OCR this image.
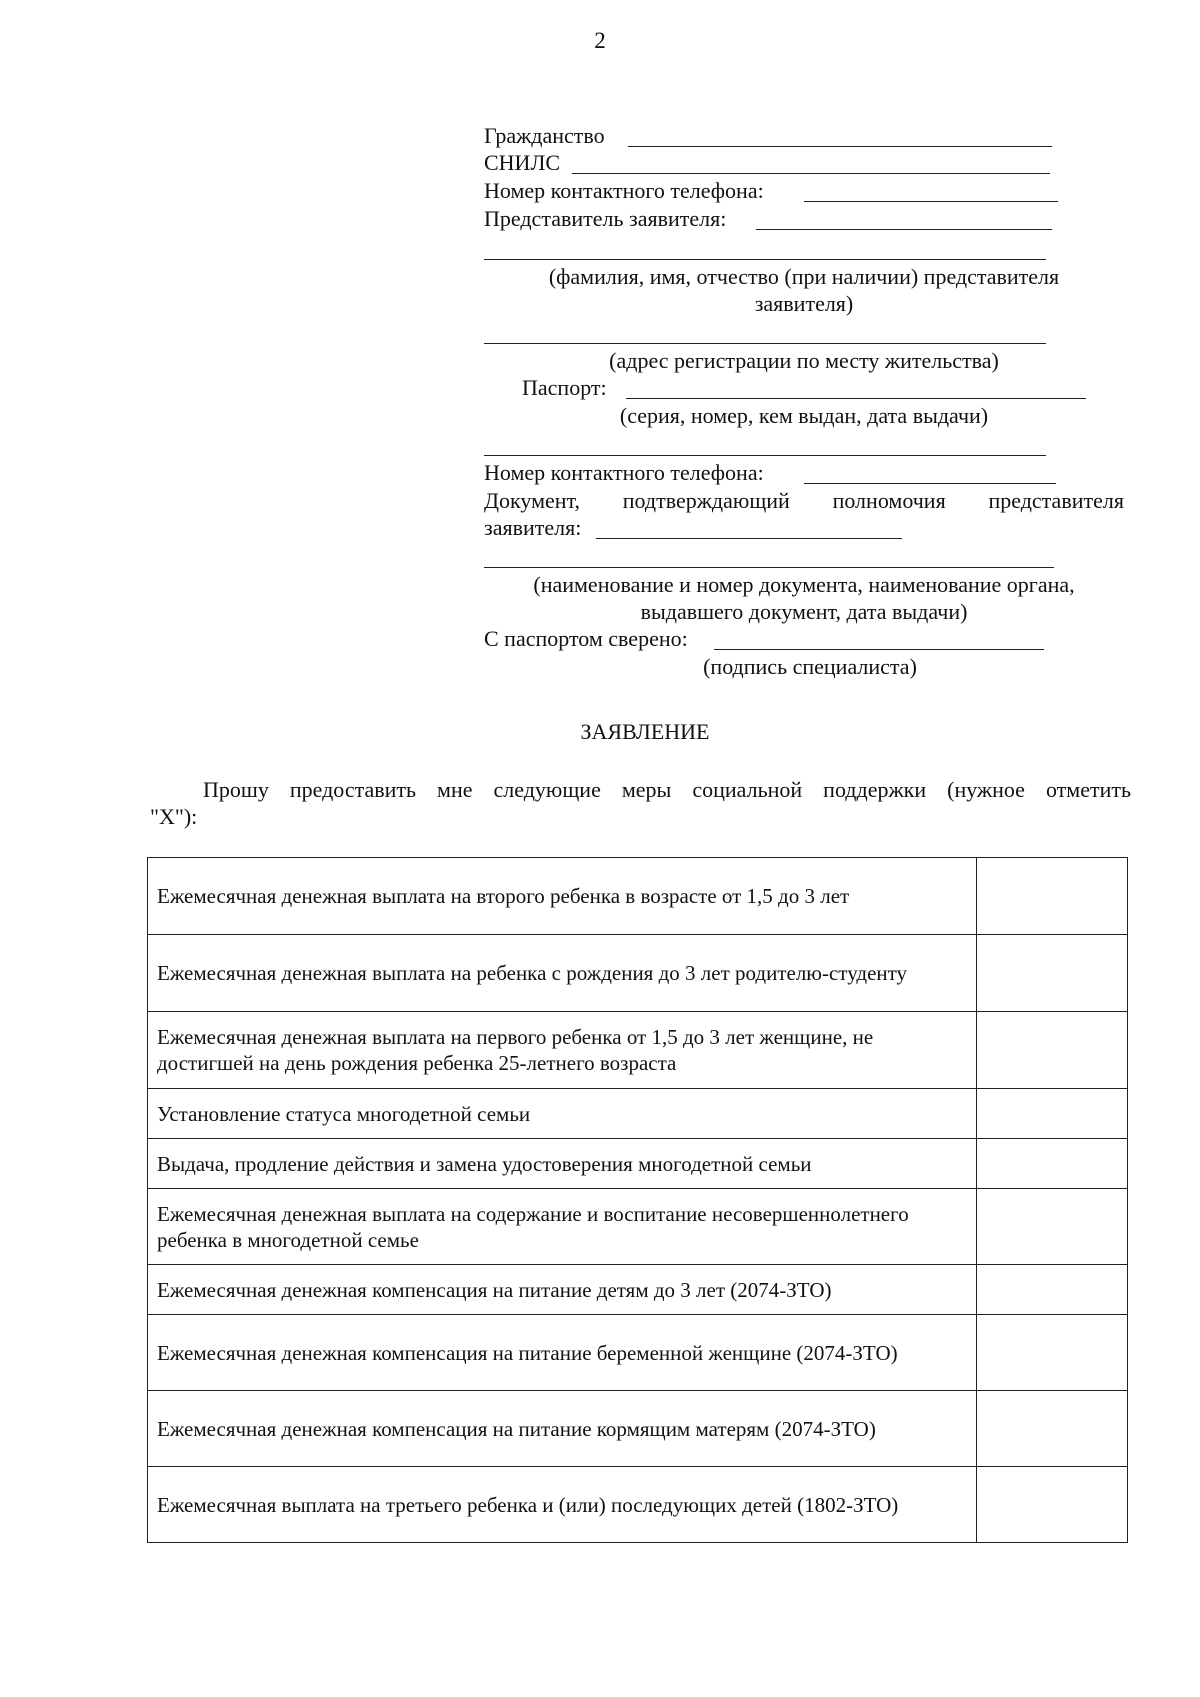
2
Гражданство
СНИЛС
Номер контактного телефона:
Представитель заявителя:
(фамилия, имя, отчество (при наличии) представителя
заявителя)
(адрес регистрации по месту жительства)
Паспорт:
(серия, номер, кем выдан, дата выдачи)
Номер контактного телефона:
Документ, подтверждающий полномочия представителя
заявителя:
(наименование и номер документа, наименование органа,
выдавшего документ, дата выдачи)
С паспортом сверено:
(подпись специалиста)
ЗАЯВЛЕНИЕ
Прошу предоставить мне следующие меры социальной поддержки (нужное отметить
"X"):
Ежемесячная денежная выплата на второго ребенка в возрасте от 1,5 до 3 лет	
Ежемесячная денежная выплата на ребенка с рождения до 3 лет родителю-студенту	
Ежемесячная денежная выплата на первого ребенка от 1,5 до 3 лет женщине, не достигшей на день рождения ребенка 25-летнего возраста	
Установление статуса многодетной семьи	
Выдача, продление действия и замена удостоверения многодетной семьи	
Ежемесячная денежная выплата на содержание и воспитание несовершеннолетнего ребенка в многодетной семье	
Ежемесячная денежная компенсация на питание детям до 3 лет (2074-ЗТО)	
Ежемесячная денежная компенсация на питание беременной женщине (2074-ЗТО)	
Ежемесячная денежная компенсация на питание кормящим матерям (2074-ЗТО)	
Ежемесячная выплата на третьего ребенка и (или) последующих детей (1802-ЗТО)	
